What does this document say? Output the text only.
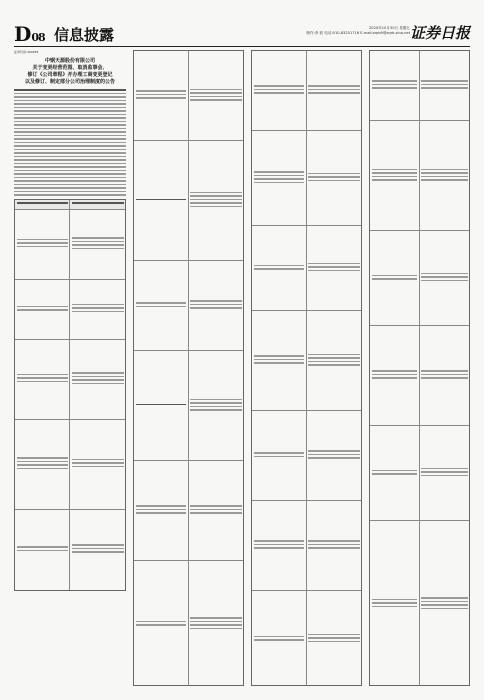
D08 信息披露	2020年10月30日 星期五
制作:李 波 电话:010-83251716 E-mail:zqrb9@zqrb.sina.net 证券日报
证券代码:300055
中钢天源股份有限公司
关于变更经营范围、取消监事会、
修订《公司章程》并办理工商变更登记
以及修订、制定部分公司治理制度的公告
